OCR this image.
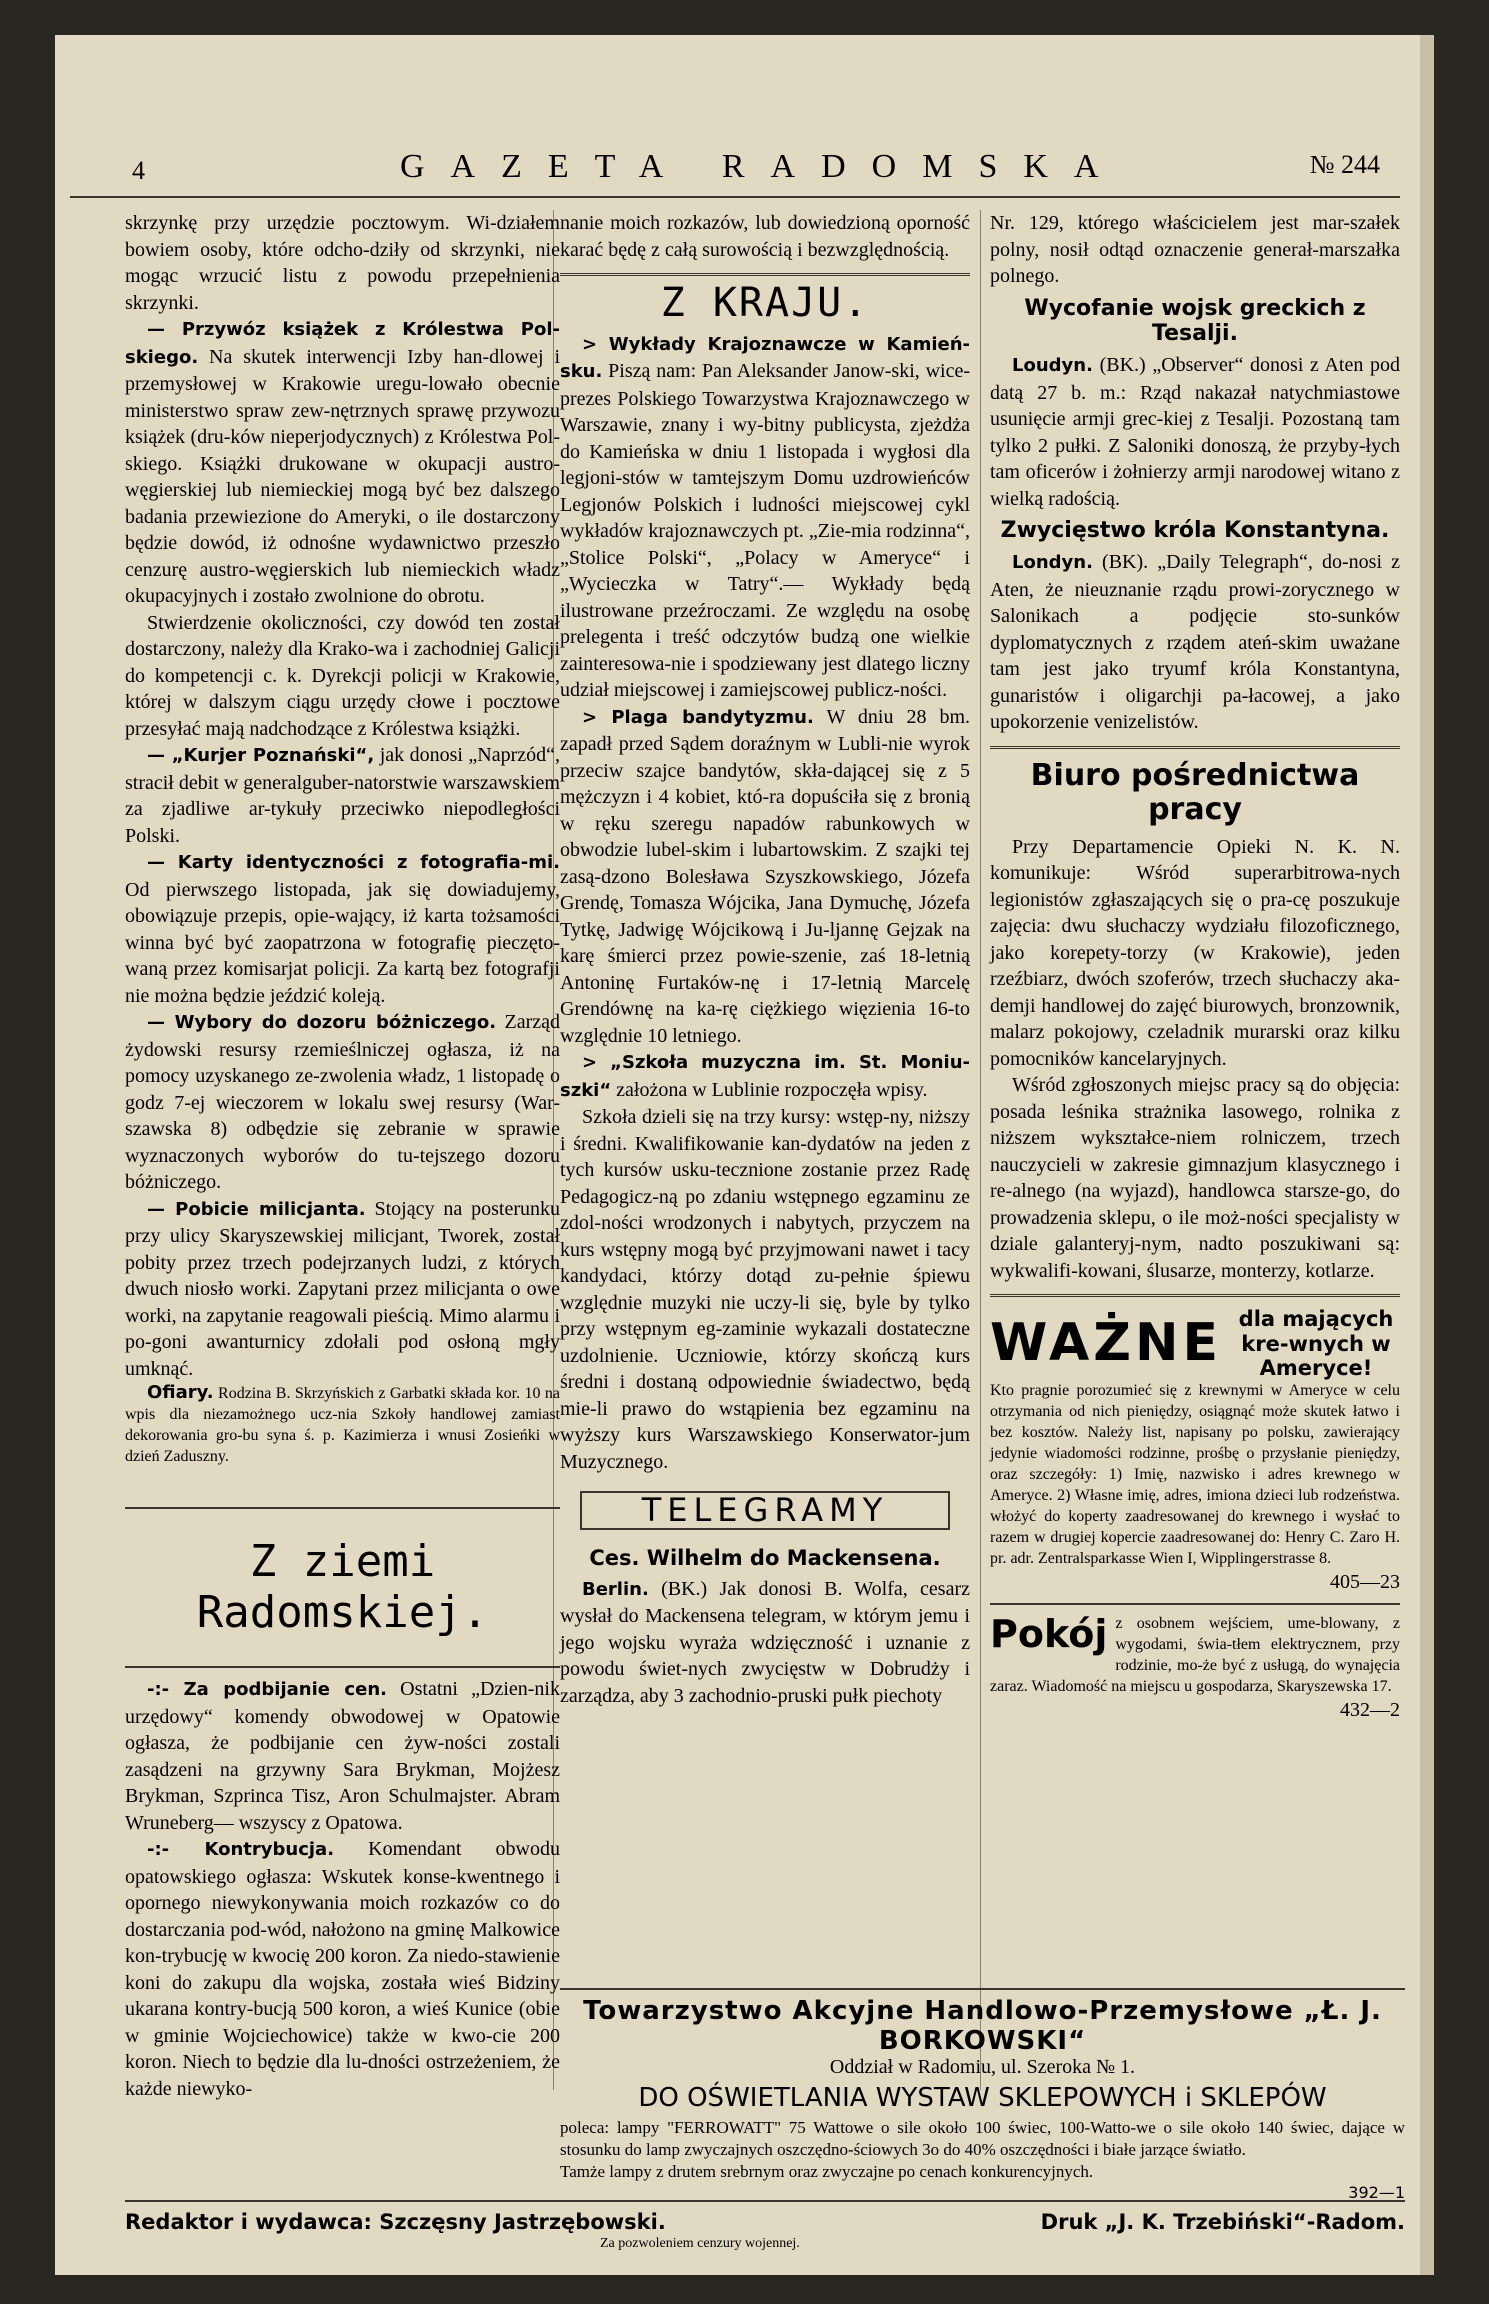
4	GAZETA RADOMSKA	№ 244

skrzynkę przy urzędzie pocztowym. Wi-działem bowiem osoby, które odcho-dziły od skrzynki, nie mogąc wrzucić listu z powodu przepełnienia skrzynki.

— Przywóz książek z Królestwa Pol-skiego. Na skutek interwencji Izby han-dlowej i przemysłowej w Krakowie uregu-lowało obecnie ministerstwo spraw zew-nętrznych sprawę przywozu książek (dru-ków nieperjodycznych) z Królestwa Pol-skiego. Książki drukowane w okupacji austro-węgierskiej lub niemieckiej mogą być bez dalszego badania przewiezione do Ameryki, o ile dostarczony będzie dowód, iż odnośne wydawnictwo przeszło cenzurę austro-węgierskich lub niemieckich władz okupacyjnych i zostało zwolnione do obrotu.

Stwierdzenie okoliczności, czy dowód ten został dostarczony, należy dla Krako-wa i zachodniej Galicji do kompetencji c. k. Dyrekcji policji w Krakowie, której w dalszym ciągu urzędy cłowe i pocztowe przesyłać mają nadchodzące z Królestwa książki.

— „Kurjer Poznański“, jak donosi „Naprzód“, stracił debit w generalguber-natorstwie warszawskiem za zjadliwe ar-tykuły przeciwko niepodległości Polski.

— Karty identyczności z fotografia-mi. Od pierwszego listopada, jak się dowiadujemy, obowiązuje przepis, opie-wający, iż karta tożsamości winna być być zaopatrzona w fotografię pieczęto-waną przez komisarjat policji. Za kartą bez fotografji nie można będzie jeździć koleją.

— Wybory do dozoru bóżniczego. Zarząd żydowski resursy rzemieślniczej ogłasza, iż na pomocy uzyskanego ze-zwolenia władz, 1 listopadę o godz 7-ej wieczorem w lokalu swej resursy (War-szawska 8) odbędzie się zebranie w sprawie wyznaczonych wyborów do tu-tejszego dozoru bóżniczego.

— Pobicie milicjanta. Stojący na posterunku przy ulicy Skaryszewskiej milicjant, Tworek, został pobity przez trzech podejrzanych ludzi, z których dwuch niosło worki. Zapytani przez milicjanta o owe worki, na zapytanie reagowali pieścią. Mimo alarmu i po-goni awanturnicy zdołali pod osłoną mgły umknąć.

Ofiary. Rodzina B. Skrzyńskich z Garbatki składa kor. 10 na wpis dla niezamożnego ucz-nia Szkoły handlowej zamiast dekorowania gro-bu syna ś. p. Kazimierza i wnusi Zosieńki w dzień Zaduszny.

Z ziemi Radomskiej.

-:- Za podbijanie cen. Ostatni „Dzien-nik urzędowy“ komendy obwodowej w Opatowie ogłasza, że podbijanie cen żyw-ności zostali zasądzeni na grzywny Sara Brykman, Mojżesz Brykman, Szprinca Tisz, Aron Schulmajster. Abram Wruneberg— wszyscy z Opatowa.

-:- Kontrybucja. Komendant obwodu opatowskiego ogłasza: Wskutek konse-kwentnego i opornego niewykonywania moich rozkazów co do dostarczania pod-wód, nałożono na gminę Malkowice kon-trybucję w kwocię 200 koron. Za niedo-stawienie koni do zakupu dla wojska, została wieś Bidziny ukarana kontry-bucją 500 koron, a wieś Kunice (obie w gminie Wojciechowice) także w kwo-cie 200 koron. Niech to będzie dla lu-dności ostrzeżeniem, że każde niewyko-

nanie moich rozkazów, lub dowiedzioną oporność karać będę z całą surowością i bezwzględnością.

Z KRAJU.

> Wykłady Krajoznawcze w Kamień-sku. Piszą nam: Pan Aleksander Janow-ski, wice-prezes Polskiego Towarzystwa Krajoznawczego w Warszawie, znany i wy-bitny publicysta, zjeżdża do Kamieńska w dniu 1 listopada i wygłosi dla legjoni-stów w tamtejszym Domu uzdrowieńców Legjonów Polskich i ludności miejscowej cykl wykładów krajoznawczych pt. „Zie-mia rodzinna“, „Stolice Polski“, „Polacy w Ameryce“ i „Wycieczka w Tatry“.— Wykłady będą ilustrowane przeźroczami. Ze względu na osobę prelegenta i treść odczytów budzą one wielkie zainteresowa-nie i spodziewany jest dlatego liczny udział miejscowej i zamiejscowej publicz-ności.

> Plaga bandytyzmu. W dniu 28 bm. zapadł przed Sądem doraźnym w Lubli-nie wyrok przeciw szajce bandytów, skła-dającej się z 5 mężczyzn i 4 kobiet, któ-ra dopuściła się z bronią w ręku szeregu napadów rabunkowych w obwodzie lubel-skim i lubartowskim. Z szajki tej zasą-dzono Bolesława Szyszkowskiego, Józefa Grendę, Tomasza Wójcika, Jana Dymuchę, Józefa Tytkę, Jadwigę Wójcikową i Ju-ljannę Gejzak na karę śmierci przez powie-szenie, zaś 18-letnią Antoninę Furtaków-nę i 17-letnią Marcelę Grendównę na ka-rę ciężkiego więzienia 16-to względnie 10 letniego.

> „Szkoła muzyczna im. St. Moniu-szki“ założona w Lublinie rozpoczęła wpisy.

Szkoła dzieli się na trzy kursy: wstęp-ny, niższy i średni. Kwalifikowanie kan-dydatów na jeden z tych kursów usku-tecznione zostanie przez Radę Pedagogicz-ną po zdaniu wstępnego egzaminu ze zdol-ności wrodzonych i nabytych, przyczem na kurs wstępny mogą być przyjmowani nawet i tacy kandydaci, którzy dotąd zu-pełnie śpiewu względnie muzyki nie uczy-li się, byle by tylko przy wstępnym eg-zaminie wykazali dostateczne uzdolnienie. Uczniowie, którzy skończą kurs średni i dostaną odpowiednie świadectwo, będą mie-li prawo do wstąpienia bez egzaminu na wyższy kurs Warszawskiego Konserwator-jum Muzycznego.

TELEGRAMY
Ces. Wilhelm do Mackensena.

Berlin. (BK.) Jak donosi B. Wolfa, cesarz wysłał do Mackensena telegram, w którym jemu i jego wojsku wyraża wdzięczność i uznanie z powodu świet-nych zwycięstw w Dobrudży i zarządza, aby 3 zachodnio-pruski pułk piechoty

Nr. 129, którego właścicielem jest mar-szałek polny, nosił odtąd oznaczenie generał-marszałka polnego.

Wycofanie wojsk greckich z Tesalji.

Loudyn. (BK.) „Observer“ donosi z Aten pod datą 27 b. m.: Rząd nakazał natychmiastowe usunięcie armji grec-kiej z Tesalji. Pozostaną tam tylko 2 pułki. Z Saloniki donoszą, że przyby-łych tam oficerów i żołnierzy armji narodowej witano z wielką radością.

Zwycięstwo króla Konstantyna.

Londyn. (BK). „Daily Telegraph“, do-nosi z Aten, że nieuznanie rządu prowi-zorycznego w Salonikach a podjęcie sto-sunków dyplomatycznych z rządem ateń-skim uważane tam jest jako tryumf króla Konstantyna, gunaristów i oligarchji pa-łacowej, a jako upokorzenie venizelistów.

Biuro pośrednictwa pracy

Przy Departamencie Opieki N. K. N. komunikuje: Wśród superarbitrowa-nych legionistów zgłaszających się o pra-cę poszukuje zajęcia: dwu słuchaczy wydziału filozoficznego, jako korepety-torzy (w Krakowie), jeden rzeźbiarz, dwóch szoferów, trzech słuchaczy aka-demji handlowej do zajęć biurowych, bronzownik, malarz pokojowy, czeladnik murarski oraz kilku pomocników kancelaryjnych.

Wśród zgłoszonych miejsc pracy są do objęcia: posada leśnika strażnika lasowego, rolnika z niższem wykształce-niem rolniczem, trzech nauczycieli w zakresie gimnazjum klasycznego i re-alnego (na wyjazd), handlowca starsze-go, do prowadzenia sklepu, o ile moż-ności specjalisty w dziale galanteryj-nym, nadto poszukiwani są: wykwalifi-kowani, ślusarze, monterzy, kotlarze.

WAŻNE dla mających kre-wnych w Ameryce!

Kto pragnie porozumieć się z krewnymi w Ameryce w celu otrzymania od nich pieniędzy, osiągnąć może skutek łatwo i bez kosztów. Należy list, napisany po polsku, zawierający jedynie wiadomości rodzinne, prośbę o przysłanie pieniędzy, oraz szczegóły: 1) Imię, nazwisko i adres krewnego w Ameryce. 2) Własne imię, adres, imiona dzieci lub rodzeństwa. włożyć do koperty zaadresowanej do krewnego i wysłać to razem w drugiej kopercie zaadresowanej do: Henry C. Zaro H. pr. adr. Zentralsparkasse Wien I, Wipplingerstrasse 8.

405—23
Pokój z osobnem wejściem, ume-blowany, z wygodami, świa-tłem elektrycznem, przy rodzinie, mo-że być z usługą, do wynajęcia zaraz. Wiadomość na miejscu u gospodarza, Skaryszewska 17.

432—2
Towarzystwo Akcyjne Handlowo-Przemysłowe „Ł. J. BORKOWSKI“
Oddział w Radomiu, ul. Szeroka № 1.
DO OŚWIETLANIA WYSTAW SKLEPOWYCH i SKLEPÓW
poleca: lampy "FERROWATT" 75 Wattowe o sile około 100 świec, 100-Watto-we o sile około 140 świec, dające w stosunku do lamp zwyczajnych oszczędno-ściowych 3o do 40% oszczędności i białe jarzące światło.
Tamże lampy z drutem srebrnym oraz zwyczajne po cenach konkurencyjnych.
392—1
Redaktor i wydawca: Szczęsny Jastrzębowski.	Druk „J. K. Trzebiński“-Radom.
Za pozwoleniem cenzury wojennej.
